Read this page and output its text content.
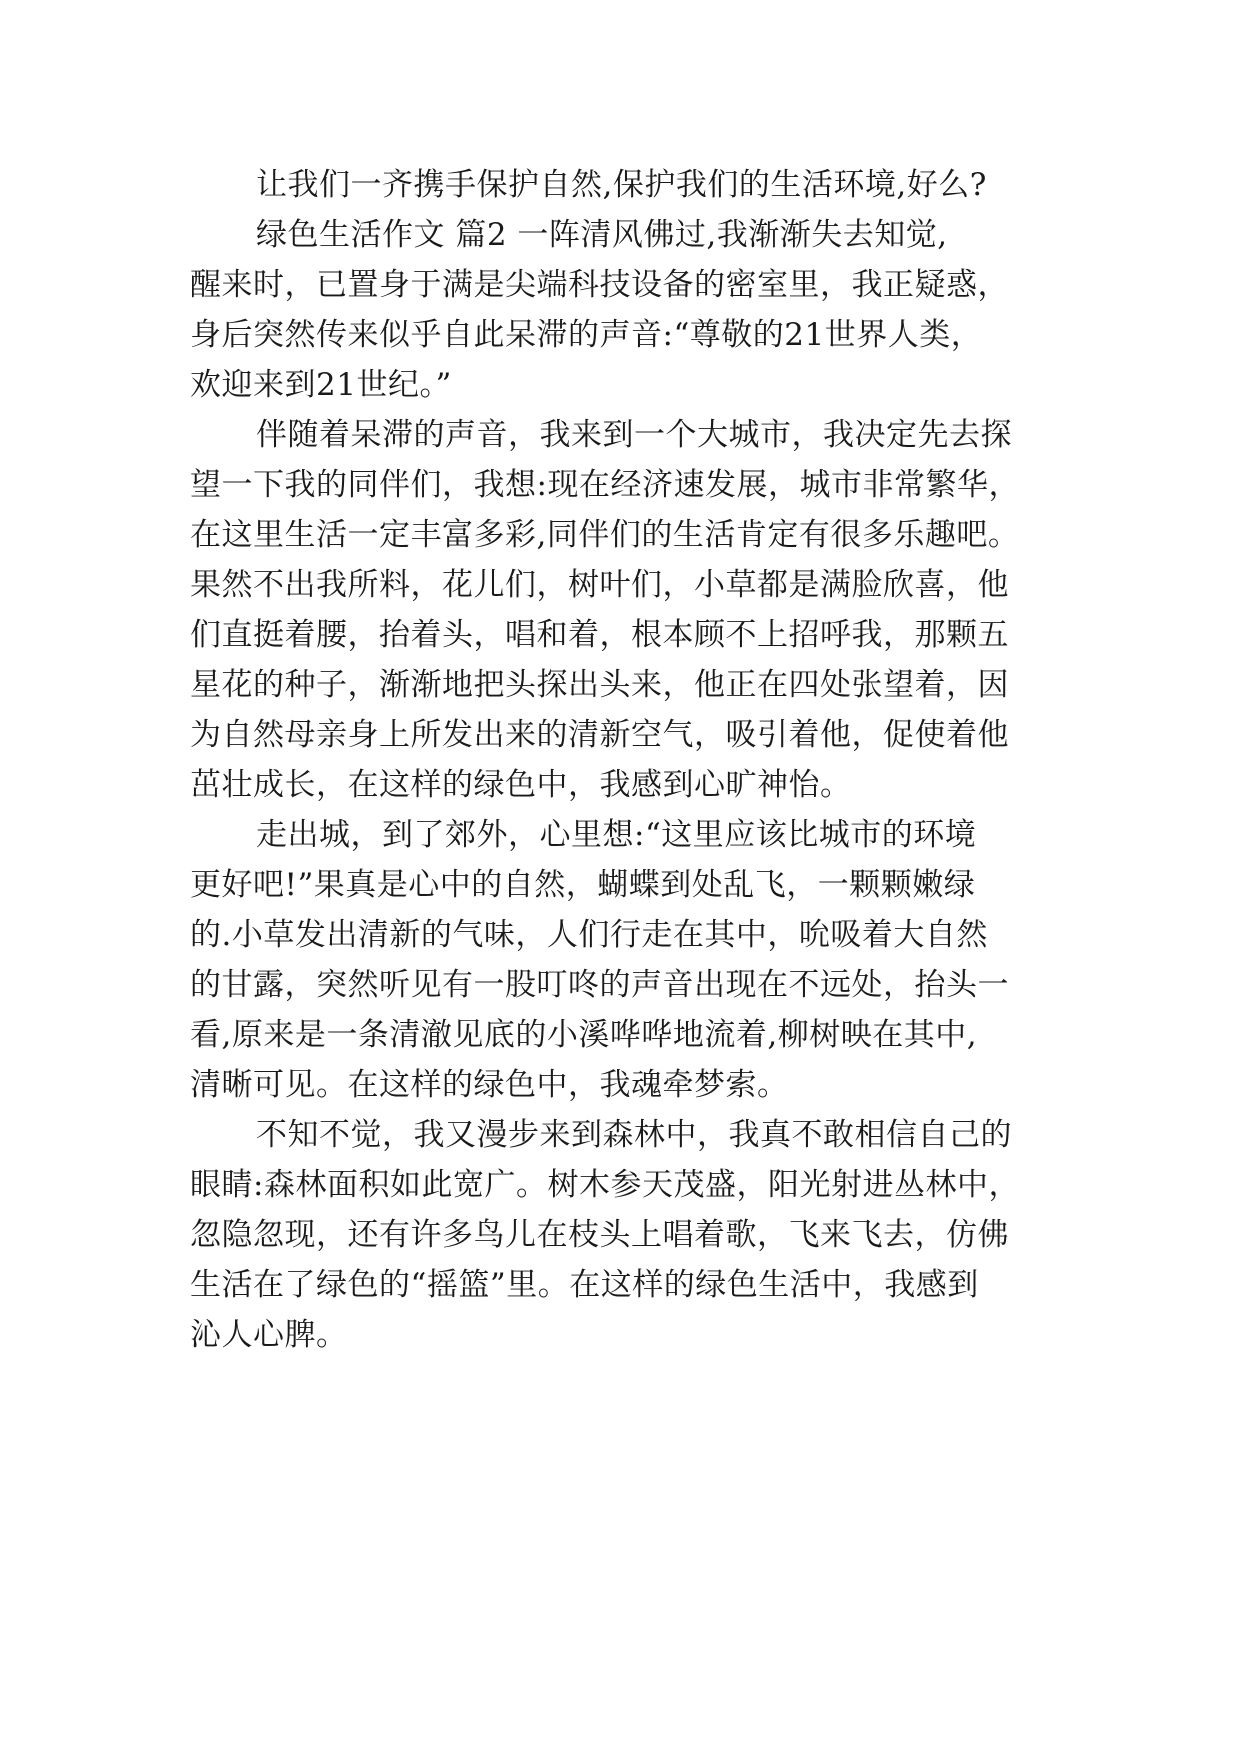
让我们一齐携手保护自然,保护我们的生活环境,好么?
绿色生活作文 篇2 一阵清风佛过,我渐渐失去知觉,
醒来时，已置身于满是尖端科技设备的密室里，我正疑惑，
身后突然传来似乎自此呆滞的声音:“尊敬的21世界人类，
欢迎来到21世纪。”
伴随着呆滞的声音，我来到一个大城市，我决定先去探
望一下我的同伴们，我想:现在经济速发展，城市非常繁华，
在这里生活一定丰富多彩,同伴们的生活肯定有很多乐趣吧。
果然不出我所料，花儿们，树叶们，小草都是满脸欣喜，他
们直挺着腰，抬着头，唱和着，根本顾不上招呼我，那颗五
星花的种子，渐渐地把头探出头来，他正在四处张望着，因
为自然母亲身上所发出来的清新空气，吸引着他，促使着他
茁壮成长，在这样的绿色中，我感到心旷神怡。
走出城，到了郊外，心里想:“这里应该比城市的环境
更好吧!”果真是心中的自然，蝴蝶到处乱飞，一颗颗嫩绿
的.小草发出清新的气味，人们行走在其中，吮吸着大自然
的甘露，突然听见有一股叮咚的声音出现在不远处，抬头一
看,原来是一条清澈见底的小溪哗哗地流着,柳树映在其中,
清晰可见。在这样的绿色中，我魂牵梦索。
不知不觉，我又漫步来到森林中，我真不敢相信自己的
眼睛:森林面积如此宽广。树木参天茂盛，阳光射进丛林中，
忽隐忽现，还有许多鸟儿在枝头上唱着歌，飞来飞去，仿佛
生活在了绿色的“摇篮”里。在这样的绿色生活中，我感到
沁人心脾。
